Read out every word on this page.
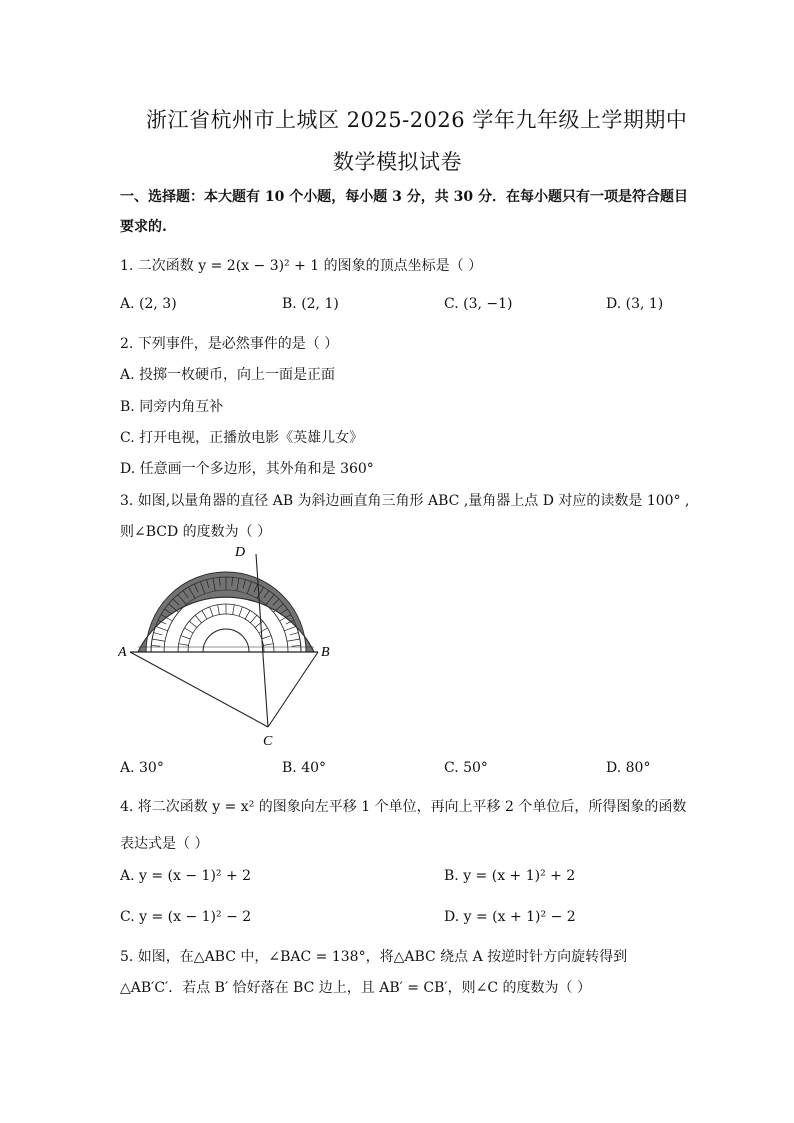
浙江省杭州市上城区 2025-2026 学年九年级上学期期中
数学模拟试卷
一、选择题：本大题有 10 个小题，每小题 3 分，共 30 分．在每小题只有一项是符合题目
要求的.
1. 二次函数 y = 2(x − 3)² + 1 的图象的顶点坐标是（ ）
A. (2, 3)	B. (2, 1)	C. (3, −1)	D. (3, 1)
2. 下列事件，是必然事件的是（ ）
A. 投掷一枚硬币，向上一面是正面
B. 同旁内角互补
C. 打开电视，正播放电影《英雄儿女》
D. 任意画一个多边形，其外角和是 360°
3. 如图,以量角器的直径 AB 为斜边画直角三角形 ABC ,量角器上点 D 对应的读数是 100° ,
则∠BCD 的度数为（ ）
A	B
C
D
A. 30°	B. 40°	C. 50°	D. 80°
4. 将二次函数 y = x² 的图象向左平移 1 个单位，再向上平移 2 个单位后，所得图象的函数
表达式是（ ）
A. y = (x − 1)² + 2	B. y = (x + 1)² + 2
C. y = (x − 1)² − 2	D. y = (x + 1)² − 2
5. 如图，在△ABC 中，∠BAC = 138°，将△ABC 绕点 A 按逆时针方向旋转得到
△AB′C′．若点 B′ 恰好落在 BC 边上，且 AB′ = CB′，则∠C 的度数为（ ）
